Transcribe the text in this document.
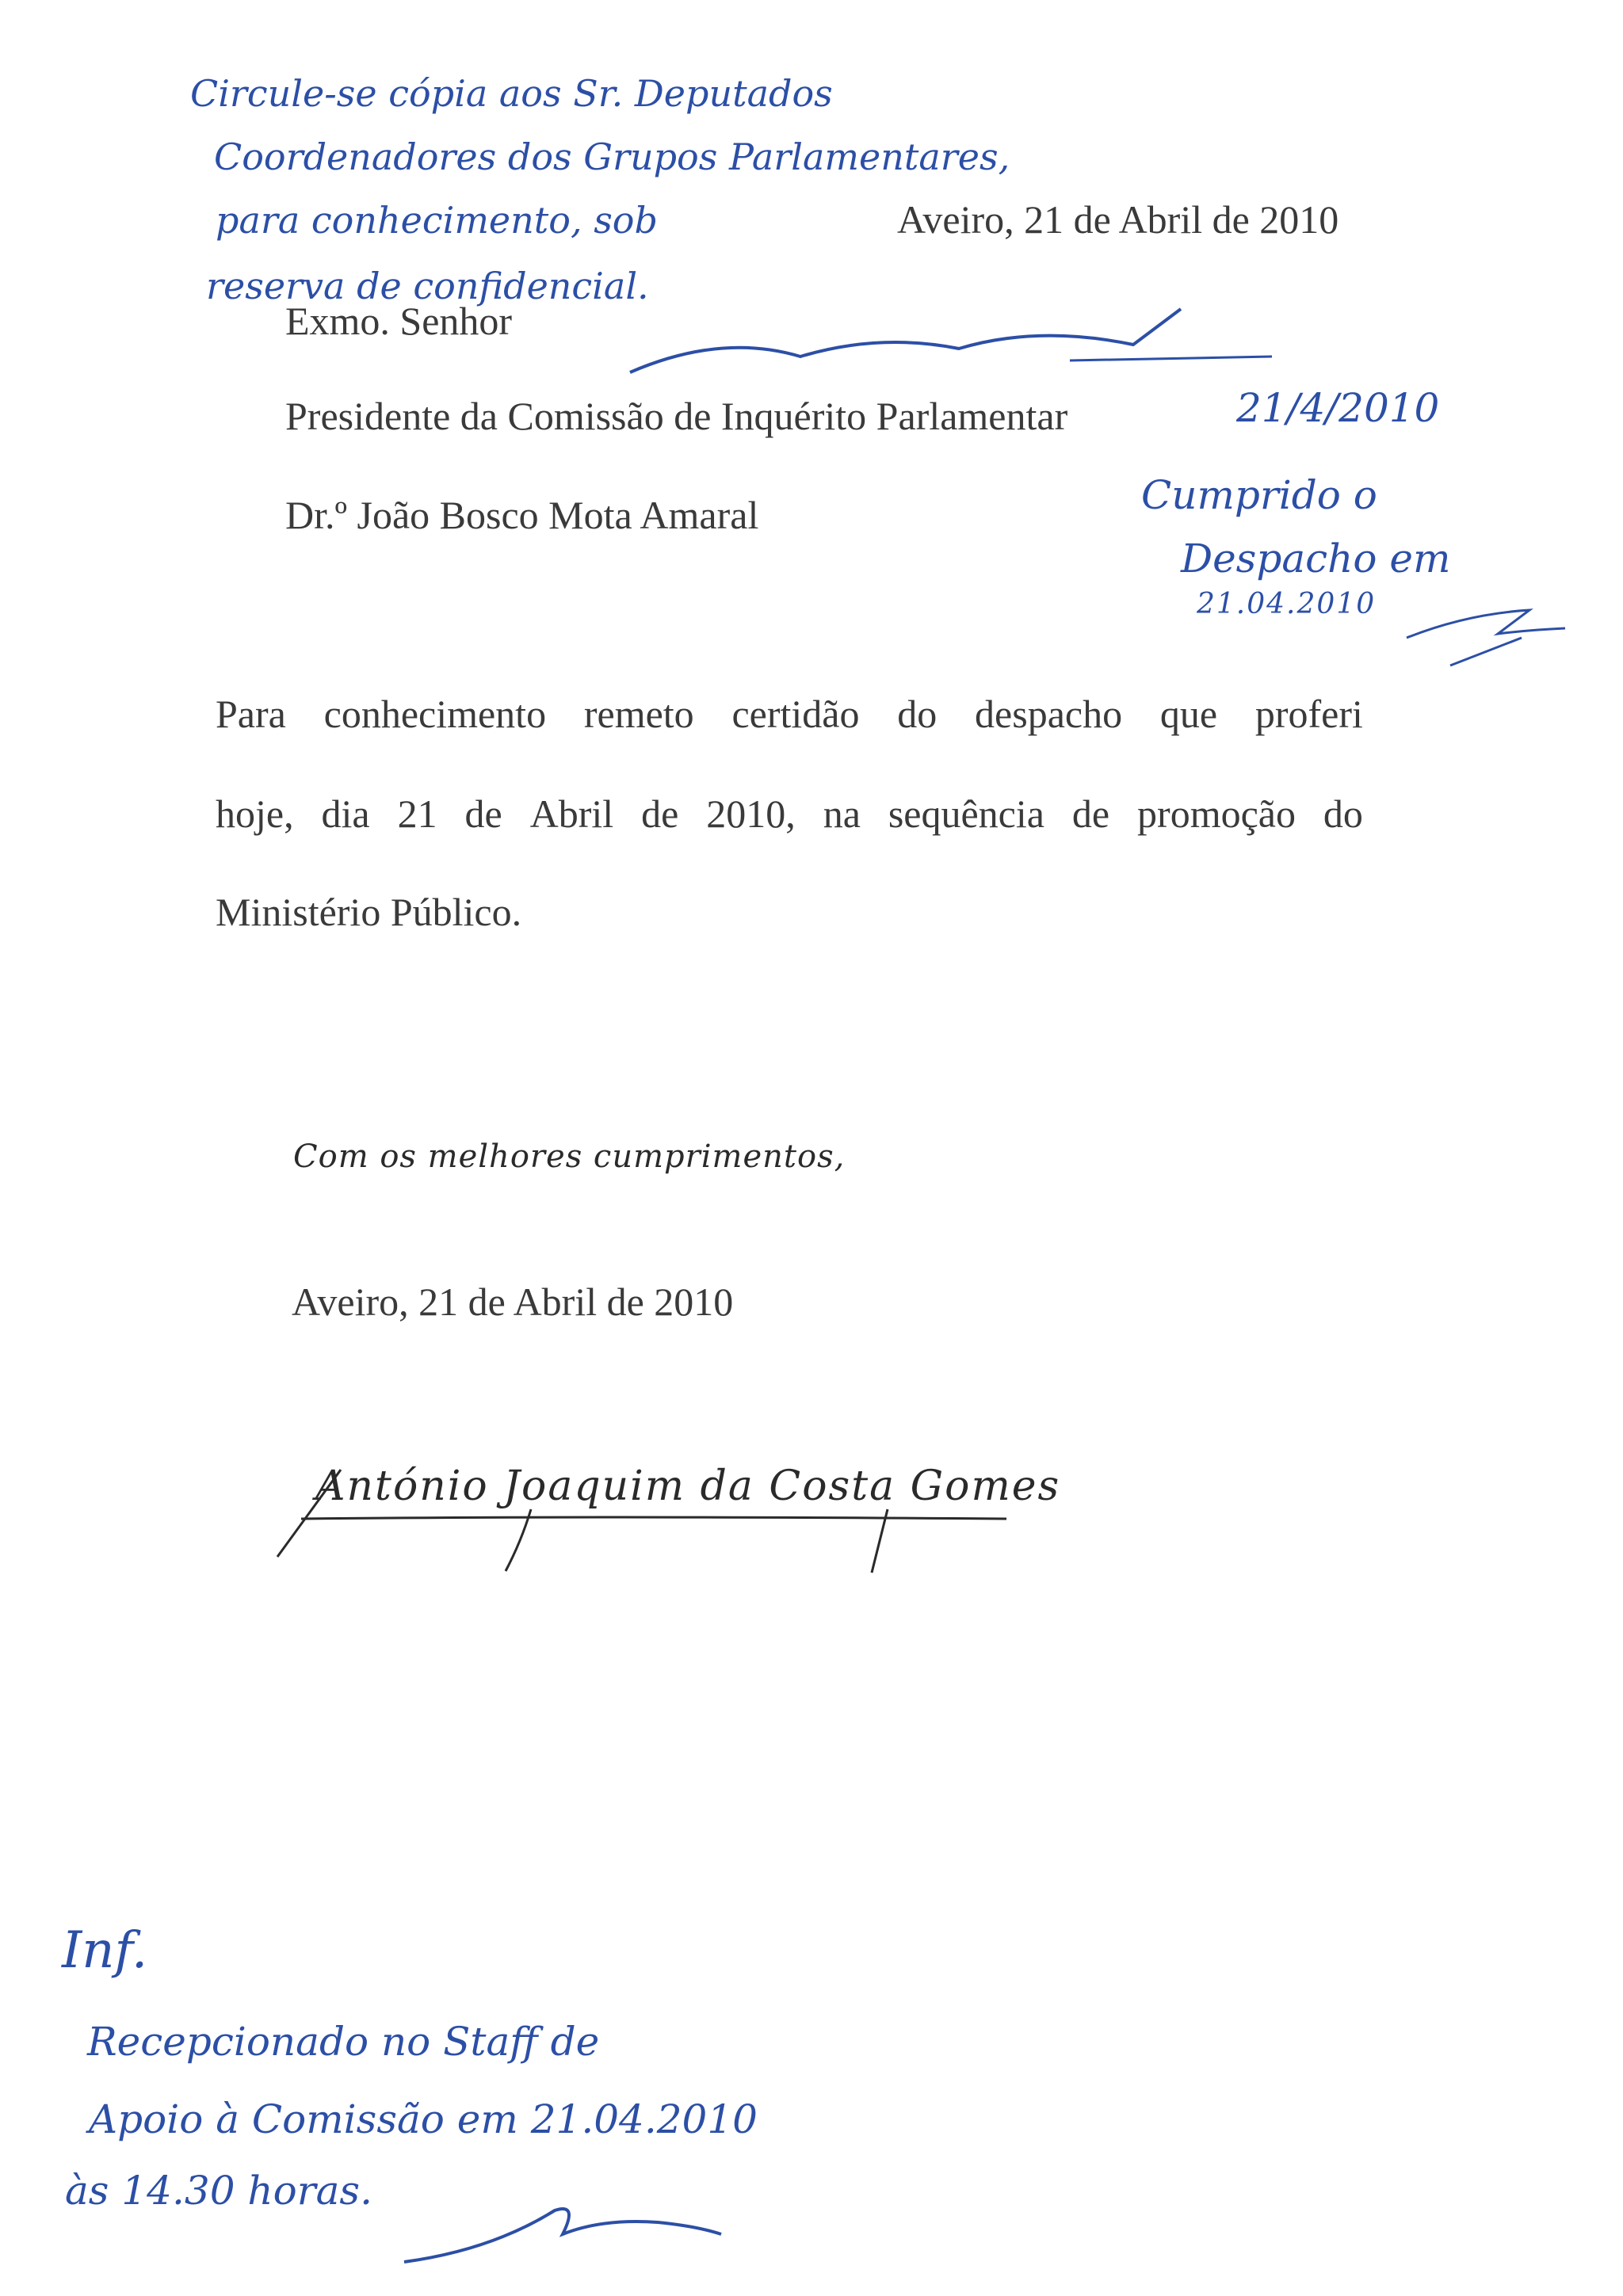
Aveiro, 21 de Abril de 2010
Exmo. Senhor
Presidente da Comissão de Inquérito Parlamentar
Dr.º João Bosco Mota Amaral
Para conhecimento remeto certidão do despacho que proferi
hoje, dia 21 de Abril de 2010, na sequência de promoção do
Ministério Público.
Com os melhores cumprimentos,
Aveiro, 21 de Abril de 2010
António Joaquim da Costa Gomes
Circule-se cópia aos Sr. Deputados
Coordenadores dos Grupos Parlamentares,
para conhecimento, sob
reserva de confidencial.
21/4/2010
Cumprido o
Despacho em
21.04.2010
Inf.
Recepcionado no Staff de
Apoio à Comissão em 21.04.2010
às 14.30 horas.
